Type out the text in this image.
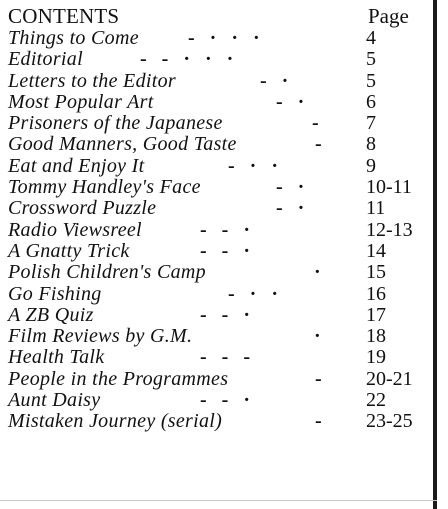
CONTENTS	Page
Things to Come -   ·   ·   ·	4
Editorial	-   -   ·   ·   ·	5
Letters to the Editor	-   ·	5
Most Popular Art	-   ·	6
Prisoners of the Japanese	- 7
Good Manners, Good Taste	- 8
Eat and Enjoy It	-   ·   ·	9
Tommy Handley's Face	-   ·	10-11
Crossword Puzzle	-   ·	11
Radio Viewsreel	-   -   ·	12-13
A Gnatty Trick	-   -   ·	14
Polish Children's Camp	· 15
Go Fishing	-   ·   ·	16
A ZB Quiz	-   -   ·	17
Film Reviews by G.M.	· 18
Health Talk	-   -   -	19
People in the Programmes	- 20-21
Aunt Daisy	-   -   ·	22
Mistaken Journey (serial)	- 23-25
